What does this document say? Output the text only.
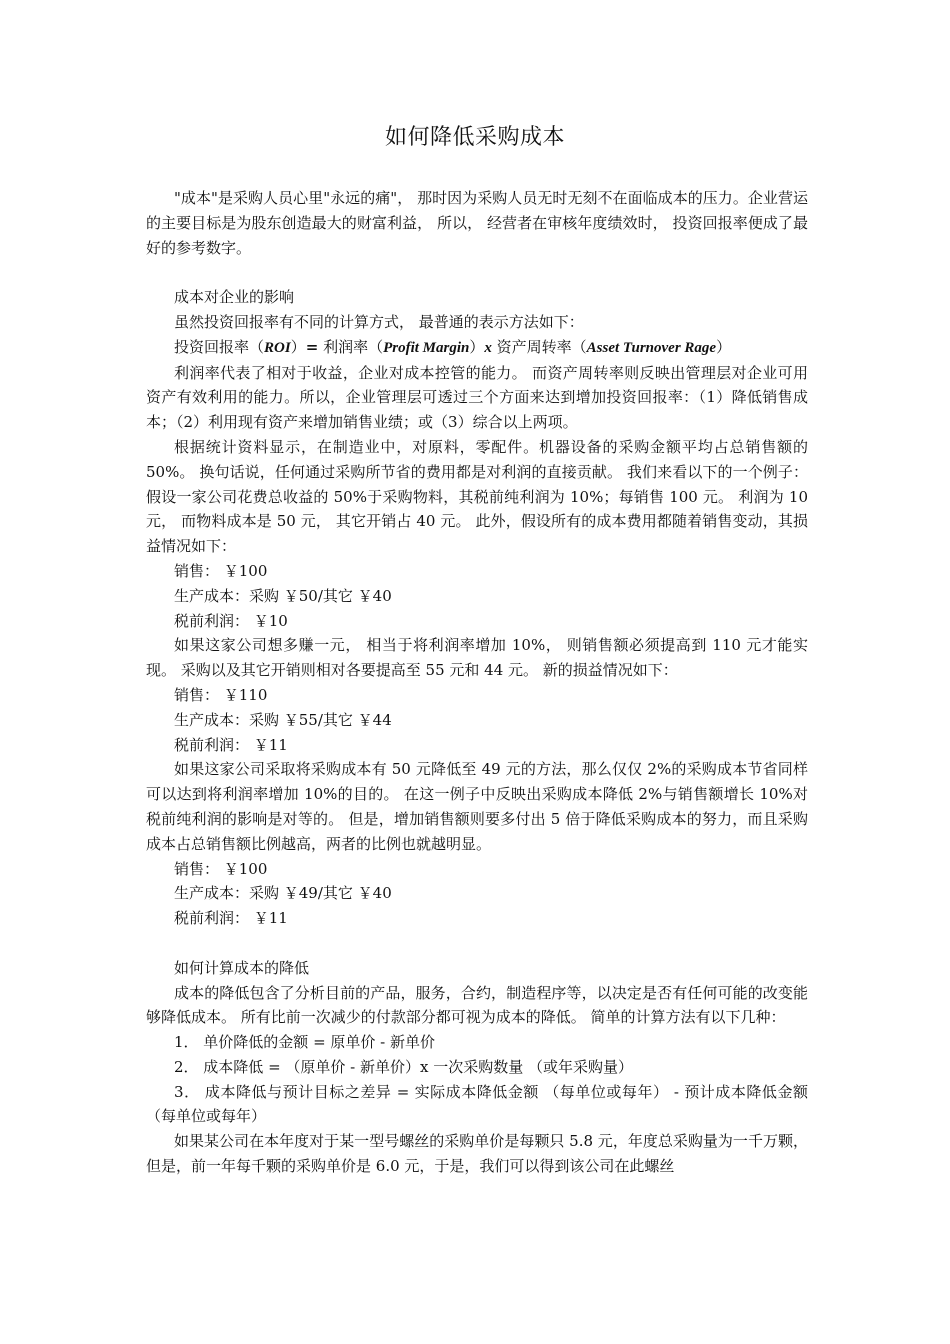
如何降低采购成本

"成本"是采购人员心里"永远的痛"， 那时因为采购人员无时无刻不在面临成本的压力。企业营运的主要目标是为股东创造最大的财富利益， 所以， 经营者在审核年度绩效时， 投资回报率便成了最好的参考数字。

成本对企业的影响

虽然投资回报率有不同的计算方式， 最普通的表示方法如下：

投资回报率（ROI）= 利润率（Profit Margin）x 资产周转率（Asset Turnover Rage）

利润率代表了相对于收益，企业对成本控管的能力。 而资产周转率则反映出管理层对企业可用资产有效利用的能力。所以，企业管理层可透过三个方面来达到增加投资回报率：（1）降低销售成本；（2）利用现有资产来增加销售业绩；或（3）综合以上两项。

根据统计资料显示，在制造业中，对原料，零配件。机器设备的采购金额平均占总销售额的 50%。 换句话说，任何通过采购所节省的费用都是对利润的直接贡献。 我们来看以下的一个例子：假设一家公司花费总收益的 50%于采购物料，其税前纯利润为 10%；每销售 100 元。 利润为 10 元， 而物料成本是 50 元， 其它开销占 40 元。 此外，假设所有的成本费用都随着销售变动，其损益情况如下：

销售： ￥100

生产成本：采购 ￥50/其它 ￥40

税前利润： ￥10

如果这家公司想多赚一元， 相当于将利润率增加 10%， 则销售额必须提高到 110 元才能实现。 采购以及其它开销则相对各要提高至 55 元和 44 元。 新的损益情况如下：

销售： ￥110

生产成本：采购 ￥55/其它 ￥44

税前利润： ￥11

如果这家公司采取将采购成本有 50 元降低至 49 元的方法，那么仅仅 2%的采购成本节省同样可以达到将利润率增加 10%的目的。 在这一例子中反映出采购成本降低 2%与销售额增长 10%对税前纯利润的影响是对等的。 但是，增加销售额则要多付出 5 倍于降低采购成本的努力，而且采购成本占总销售额比例越高，两者的比例也就越明显。

销售： ￥100

生产成本：采购 ￥49/其它 ￥40

税前利润： ￥11

如何计算成本的降低

成本的降低包含了分析目前的产品，服务，合约，制造程序等，以决定是否有任何可能的改变能够降低成本。 所有比前一次减少的付款部分都可视为成本的降低。 简单的计算方法有以下几种：

1． 单价降低的金额 = 原单价 - 新单价

2． 成本降低 = （原单价 - 新单价）x 一次采购数量 （或年采购量）

3． 成本降低与预计目标之差异 = 实际成本降低金额 （每单位或每年） - 预计成本降低金额 （每单位或每年）

如果某公司在本年度对于某一型号螺丝的采购单价是每颗只 5.8 元，年度总采购量为一千万颗， 但是，前一年每千颗的采购单价是 6.0 元，于是，我们可以得到该公司在此螺丝
